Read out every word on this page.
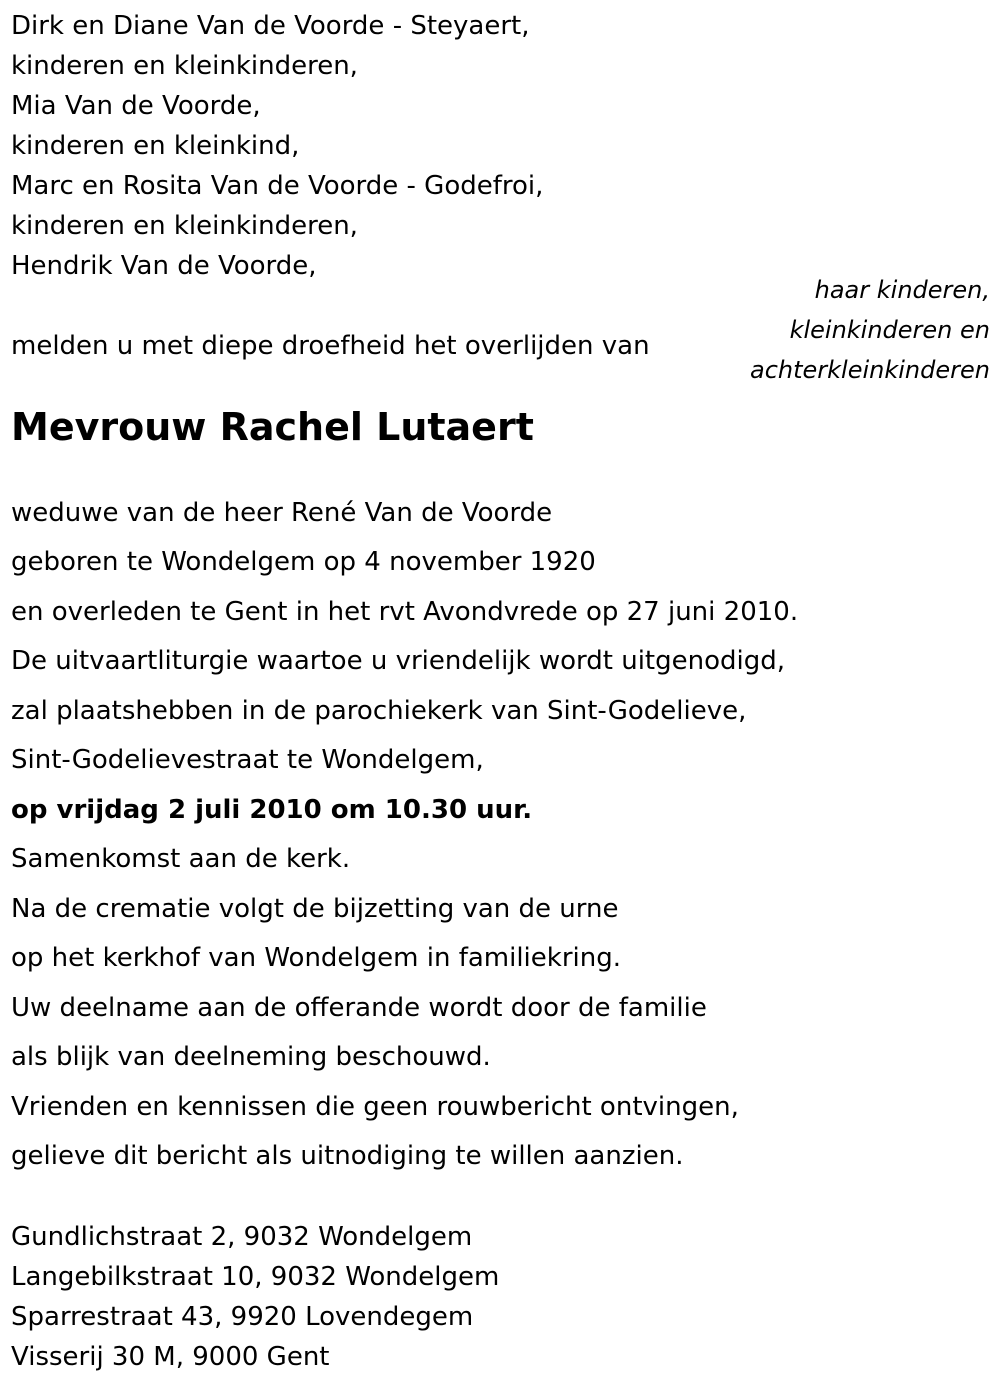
Dirk en Diane Van de Voorde - Steyaert,
kinderen en kleinkinderen,
Mia Van de Voorde,
kinderen en kleinkind,
Marc en Rosita Van de Voorde - Godefroi,
kinderen en kleinkinderen,
Hendrik Van de Voorde,
haar kinderen,
kleinkinderen en
achterkleinkinderen
melden u met diepe droefheid het overlijden van
Mevrouw Rachel Lutaert
weduwe van de heer René Van de Voorde
geboren te Wondelgem op 4 november 1920
en overleden te Gent in het rvt Avondvrede op 27 juni 2010.
De uitvaartliturgie waartoe u vriendelijk wordt uitgenodigd,
zal plaatshebben in de parochiekerk van Sint-Godelieve,
Sint-Godelievestraat te Wondelgem,
op vrijdag 2 juli 2010 om 10.30 uur.
Samenkomst aan de kerk.
Na de crematie volgt de bijzetting van de urne
op het kerkhof van Wondelgem in familiekring.
Uw deelname aan de offerande wordt door de familie
als blijk van deelneming beschouwd.
Vrienden en kennissen die geen rouwbericht ontvingen,
gelieve dit bericht als uitnodiging te willen aanzien.
Gundlichstraat 2, 9032 Wondelgem
Langebilkstraat 10, 9032 Wondelgem
Sparrestraat 43, 9920 Lovendegem
Visserij 30 M, 9000 Gent
